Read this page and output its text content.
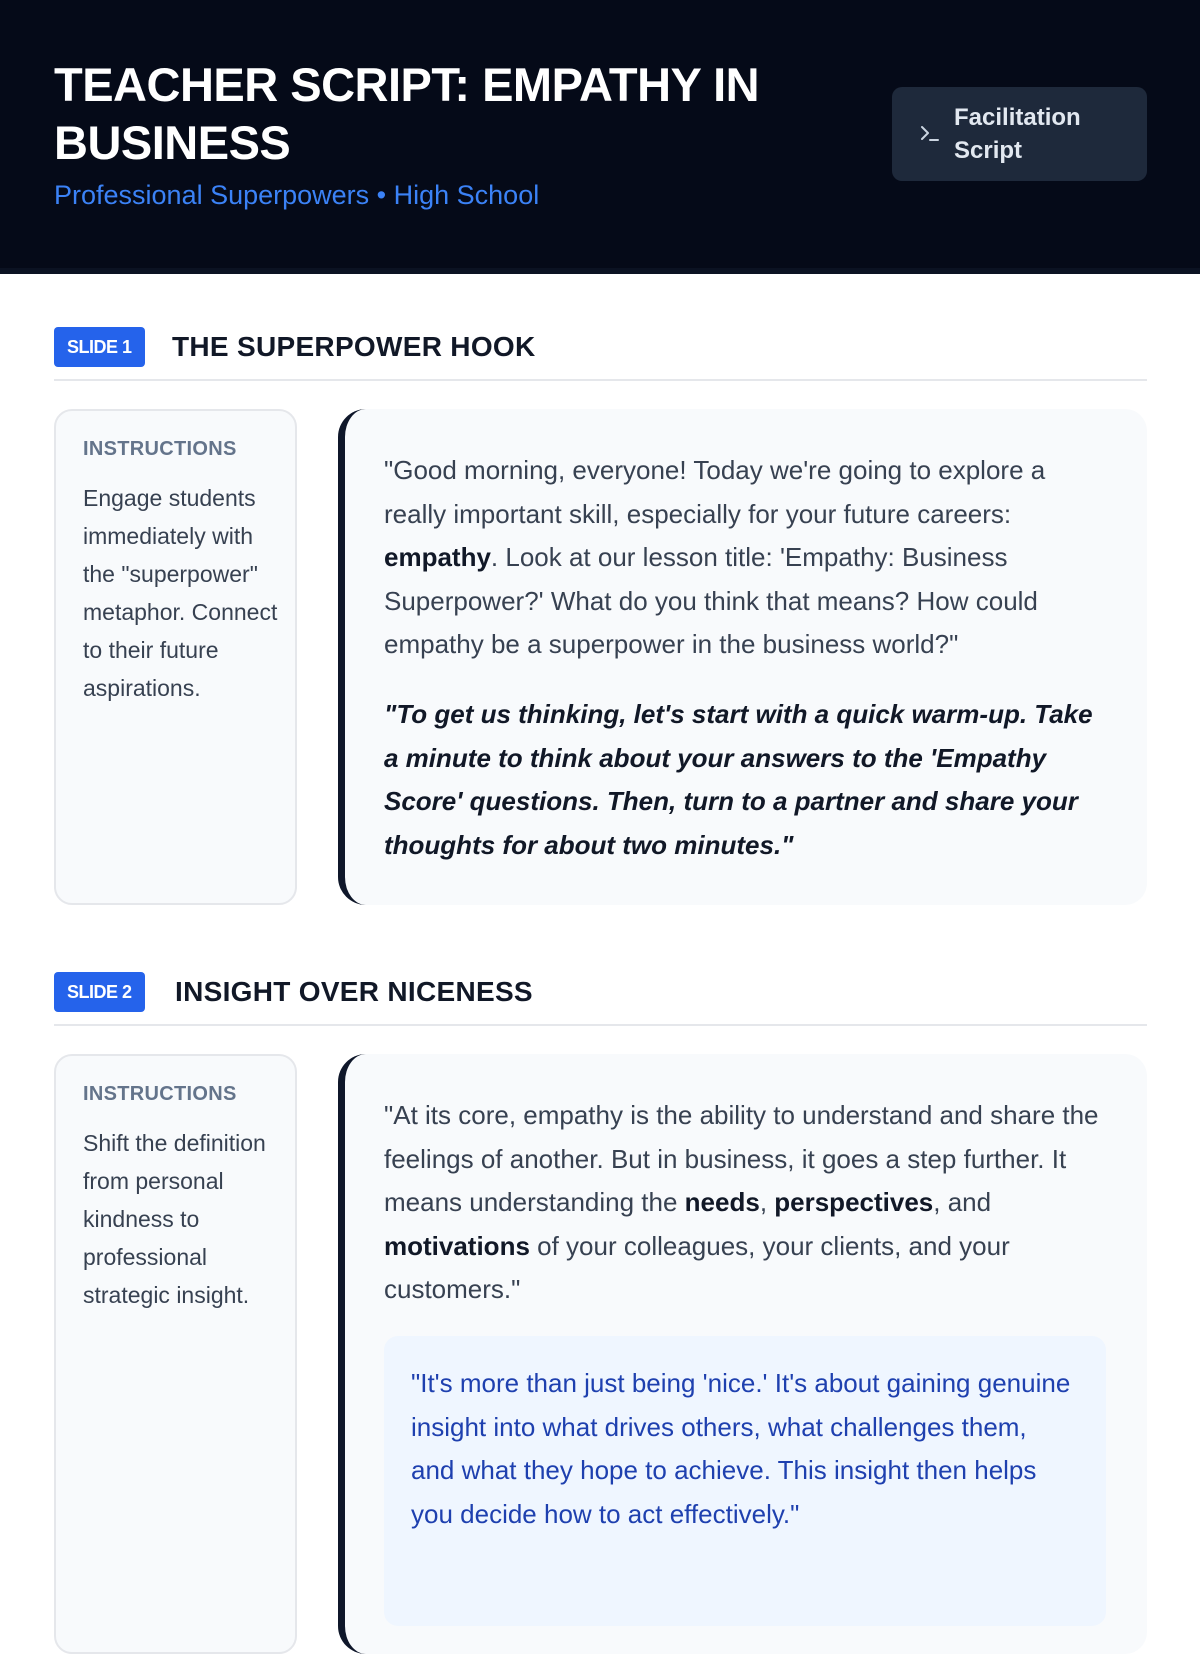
TEACHER SCRIPT: EMPATHY IN BUSINESS
Professional Superpowers • High School
Facilitation Script
SLIDE 1	THE SUPERPOWER HOOK
INSTRUCTIONS
Engage students immediately with the "superpower" metaphor. Connect to their future aspirations.

"Good morning, everyone! Today we're going to explore a really important skill, especially for your future careers: empathy. Look at our lesson title: 'Empathy: Business Superpower?' What do you think that means? How could empathy be a superpower in the business world?"

"To get us thinking, let's start with a quick warm-up. Take a minute to think about your answers to the 'Empathy Score' questions. Then, turn to a partner and share your thoughts for about two minutes."

SLIDE 2	INSIGHT OVER NICENESS
INSTRUCTIONS
Shift the definition from personal kindness to professional strategic insight.

"At its core, empathy is the ability to understand and share the feelings of another. But in business, it goes a step further. It means understanding the needs, perspectives, and motivations of your colleagues, your clients, and your customers."

"It's more than just being 'nice.' It's about gaining genuine insight into what drives others, what challenges them, and what they hope to achieve. This insight then helps you decide how to act effectively."
